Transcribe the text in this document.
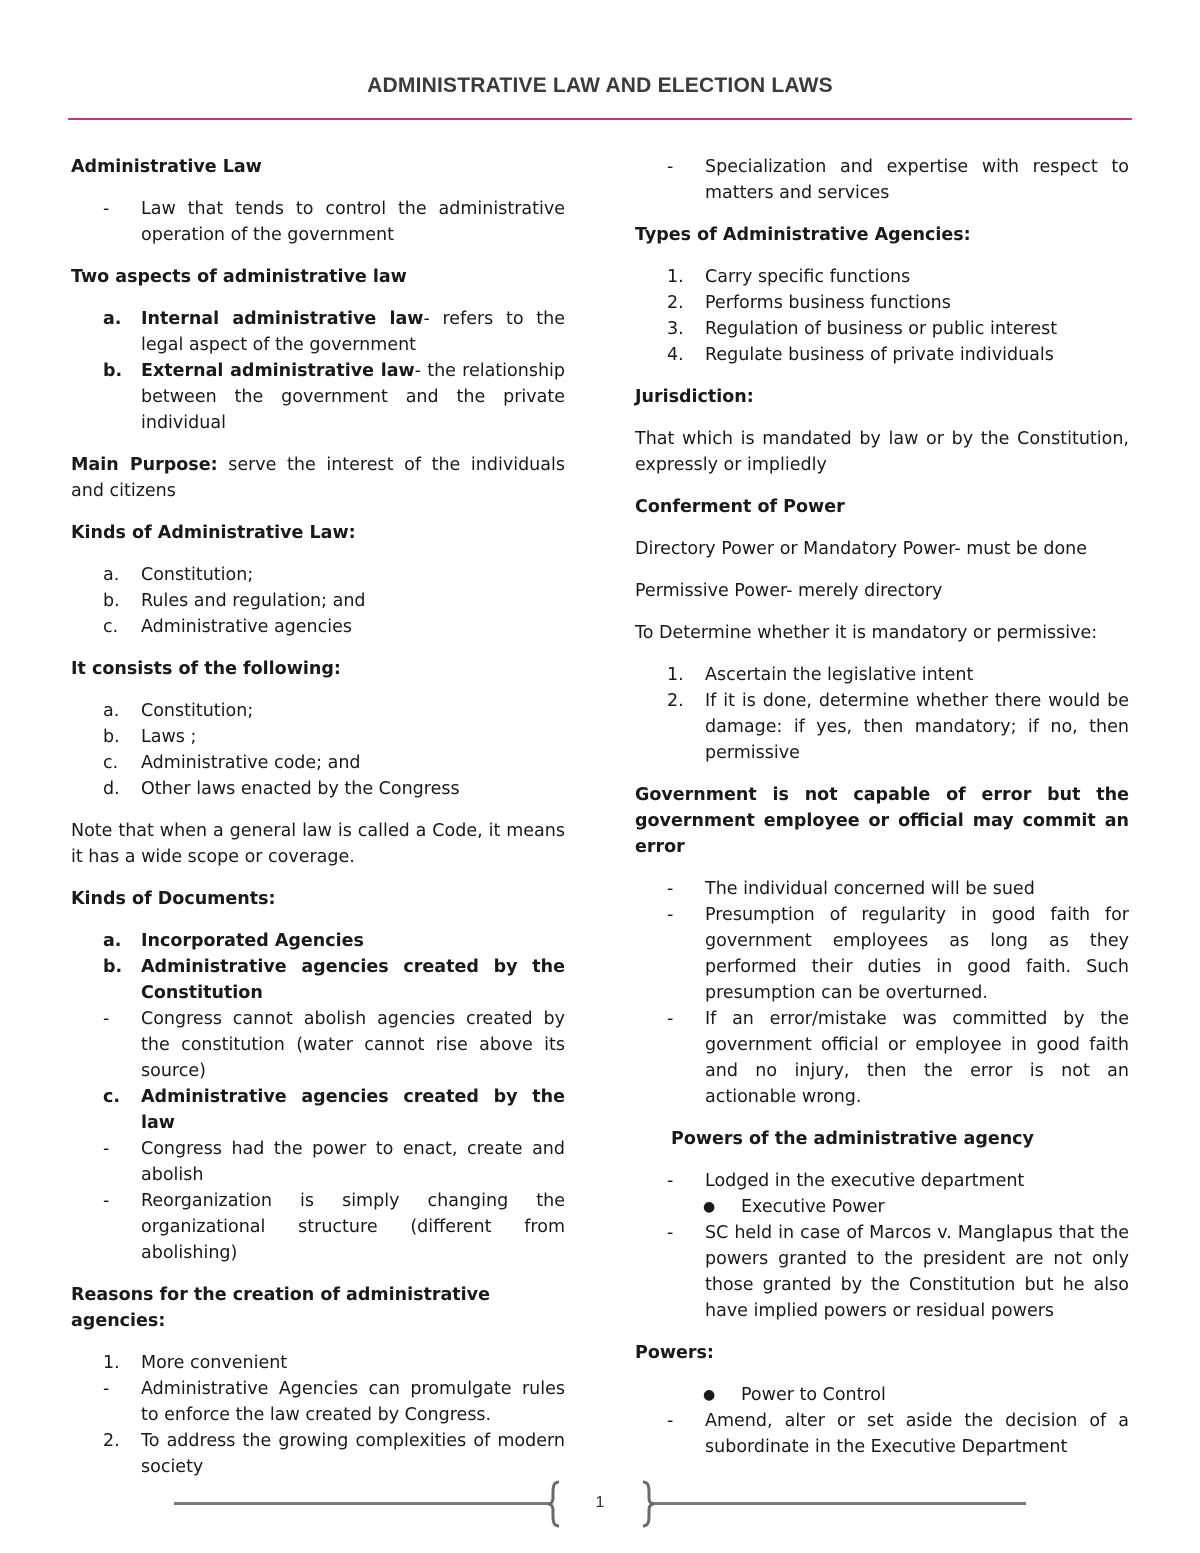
ADMINISTRATIVE LAW AND ELECTION LAWS
Administrative Law
-	Law that tends to control the administrative operation of the government
Two aspects of administrative law
a.	Internal administrative law- refers to the legal aspect of the government
b.	External administrative law- the relationship between the government and the private individual
Main Purpose: serve the interest of the individuals and citizens
Kinds of Administrative Law:
a.	Constitution;
b.	Rules and regulation; and
c.	Administrative agencies
It consists of the following:
a.	Constitution;
b.	Laws ;
c.	Administrative code; and
d.	Other laws enacted by the Congress
Note that when a general law is called a Code, it means it has a wide scope or coverage.
Kinds of Documents:
a.	Incorporated Agencies
b.	Administrative agencies created by the Constitution
-	Congress cannot abolish agencies created by the constitution (water cannot rise above its source)
c.	Administrative agencies created by the law
-	Congress had the power to enact, create and abolish
-	Reorganization is simply changing the organizational structure (different from abolishing)
Reasons for the creation of administrative agencies:
1.	More convenient
-	Administrative Agencies can promulgate rules to enforce the law created by Congress.
2.	To address the growing complexities of modern society
-	Specialization and expertise with respect to matters and services
Types of Administrative Agencies:
1.	Carry specific functions
2.	Performs business functions
3.	Regulation of business or public interest
4.	Regulate business of private individuals
Jurisdiction:
That which is mandated by law or by the Constitution, expressly or impliedly
Conferment of Power
Directory Power or Mandatory Power- must be done
Permissive Power- merely directory
To Determine whether it is mandatory or permissive:
1.	Ascertain the legislative intent
2.	If it is done, determine whether there would be damage: if yes, then mandatory; if no, then permissive
Government is not capable of error but the government employee or official may commit an error
-	The individual concerned will be sued
-	Presumption of regularity in good faith for government employees as long as they performed their duties in good faith. Such presumption can be overturned.
-	If an error/mistake was committed by the government official or employee in good faith and no injury, then the error is not an actionable wrong.
Powers of the administrative agency
-	Lodged in the executive department
●	Executive Power
-	SC held in case of Marcos v. Manglapus that the powers granted to the president are not only those granted by the Constitution but he also have implied powers or residual powers
Powers:
●	Power to Control
-	Amend, alter or set aside the decision of a subordinate in the Executive Department
1
